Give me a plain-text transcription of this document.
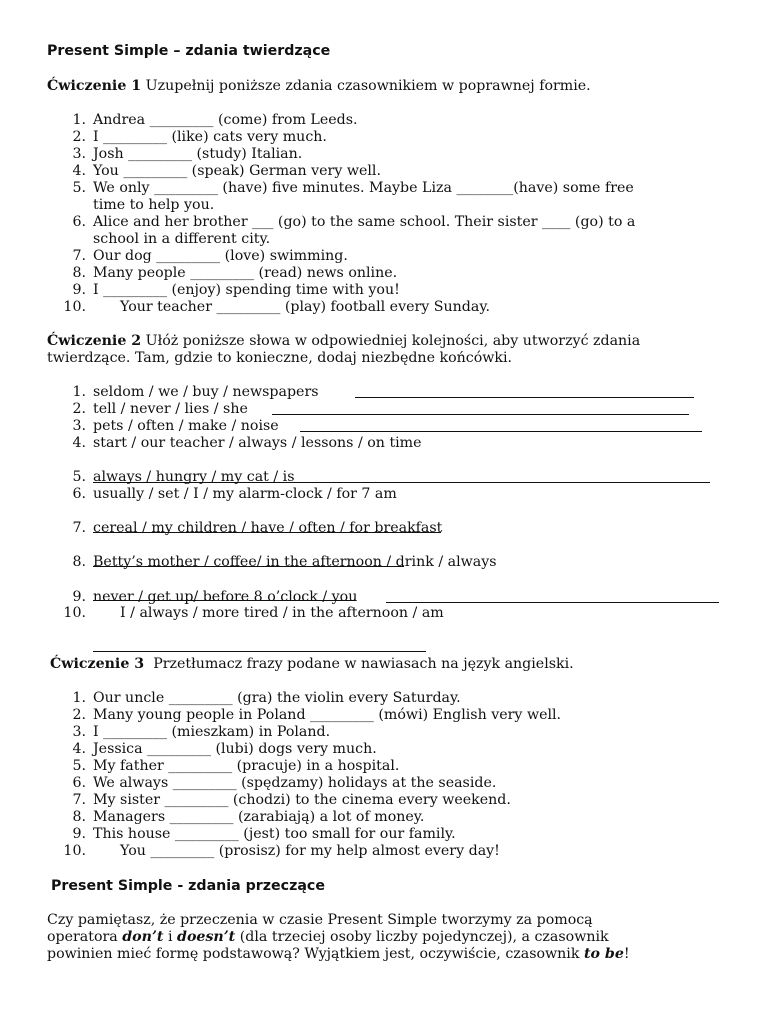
Present Simple – zdania twierdzące
Ćwiczenie 1 Uzupełnij poniższe zdania czasownikiem w poprawnej formie.
1. Andrea _________ (come) from Leeds.
2. I _________ (like) cats very much.
3. Josh _________ (study) Italian.
4. You _________ (speak) German very well.
5. We only _________ (have) five minutes. Maybe Liza ________(have) some free
time to help you.
6. Alice and her brother ___ (go) to the same school. Their sister ____ (go) to a
school in a different city.
7. Our dog _________ (love) swimming.
8. Many people _________ (read) news online.
9. I _________ (enjoy) spending time with you!
10. Your teacher _________ (play) football every Sunday.
Ćwiczenie 2 Ułóż poniższe słowa w odpowiedniej kolejności, aby utworzyć zdania
twierdzące. Tam, gdzie to konieczne, dodaj niezbędne końcówki.
1. seldom / we / buy / newspapers
2. tell / never / lies / she
3. pets / often / make / noise
4. start / our teacher / always / lessons / on time
5. always / hungry / my cat / is
6. usually / set / I / my alarm-clock / for 7 am
7. cereal / my children / have / often / for breakfast
8. Betty’s mother / coffee/ in the afternoon / drink / always
9. never / get up/ before 8 o’clock / you
10. I / always / more tired / in the afternoon / am
Ćwiczenie 3  Przetłumacz frazy podane w nawiasach na język angielski.
1. Our uncle _________ (gra) the violin every Saturday.
2. Many young people in Poland _________ (mówi) English very well.
3. I _________ (mieszkam) in Poland.
4. Jessica _________ (lubi) dogs very much.
5. My father _________ (pracuje) in a hospital.
6. We always _________ (spędzamy) holidays at the seaside.
7. My sister _________ (chodzi) to the cinema every weekend.
8. Managers _________ (zarabiają) a lot of money.
9. This house _________ (jest) too small for our family.
10. You _________ (prosisz) for my help almost every day!
Present Simple - zdania przeczące
Czy pamiętasz, że przeczenia w czasie Present Simple tworzymy za pomocą
operatora don’t i doesn’t (dla trzeciej osoby liczby pojedynczej), a czasownik
powinien mieć formę podstawową? Wyjątkiem jest, oczywiście, czasownik to be!
